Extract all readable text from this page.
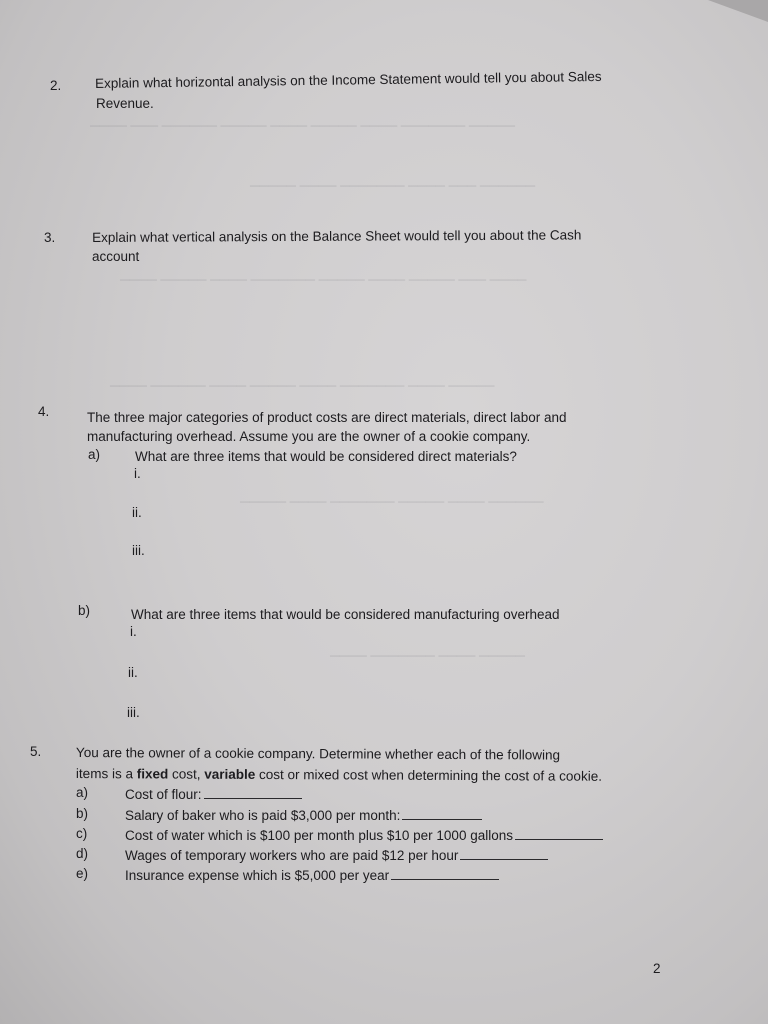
───── ─────── ──── ───── ──── ───── ────── ─── ────
────── ─── ──── ─────── ──── ─────
──── ─── ───── ──── ───── ─────── ──── ───── ────
───── ──── ─────── ──── ───── ──── ────── ────
────── ──── ───── ─────── ──── ─────
───── ──── ─────── ────
2. Explain what horizontal analysis on the Income Statement would tell you about Sales
Revenue.
3.	Explain what vertical analysis on the Balance Sheet would tell you about the Cash
account
4.	The three major categories of product costs are direct materials, direct labor and
manufacturing overhead. Assume you are the owner of a cookie company.
a)	What are three items that would be considered direct materials?
i.
ii.
iii.
b)	What are three items that would be considered manufacturing overhead
i.
ii.
iii.
5.	You are the owner of a cookie company. Determine whether each of the following
items is a fixed cost, variable cost or mixed cost when determining the cost of a cookie.
a)	Cost of flour:
b)	Salary of baker who is paid $3,000 per month:
c)	Cost of water which is $100 per month plus $10 per 1000 gallons
d)	Wages of temporary workers who are paid $12 per hour
e)	Insurance expense which is $5,000 per year
2
